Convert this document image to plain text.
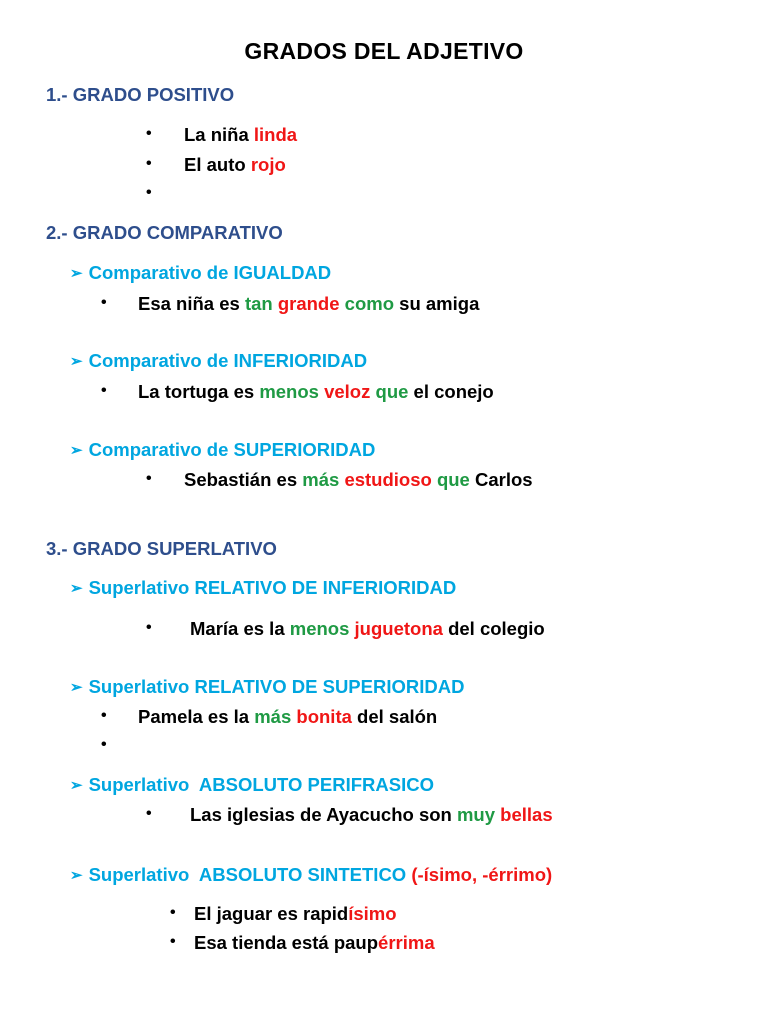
GRADOS DEL ADJETIVO
1.- GRADO POSITIVO
• La niña linda
• El auto rojo
•
2.- GRADO COMPARATIVO
➢ Comparativo de IGUALDAD
• Esa niña es tan grande como su amiga
➢ Comparativo de INFERIORIDAD
• La tortuga es menos veloz que el conejo
➢ Comparativo de SUPERIORIDAD
• Sebastián es más estudioso que Carlos
3.- GRADO SUPERLATIVO
➢ Superlativo RELATIVO DE INFERIORIDAD
• María es la menos juguetona del colegio
➢ Superlativo RELATIVO DE SUPERIORIDAD
• Pamela es la más bonita del salón
•
➢ Superlativo  ABSOLUTO PERIFRASICO
• Las iglesias de Ayacucho son muy bellas
➢ Superlativo  ABSOLUTO SINTETICO (-ísimo, -érrimo)
• El jaguar es rapidísimo
• Esa tienda está paupérrima
